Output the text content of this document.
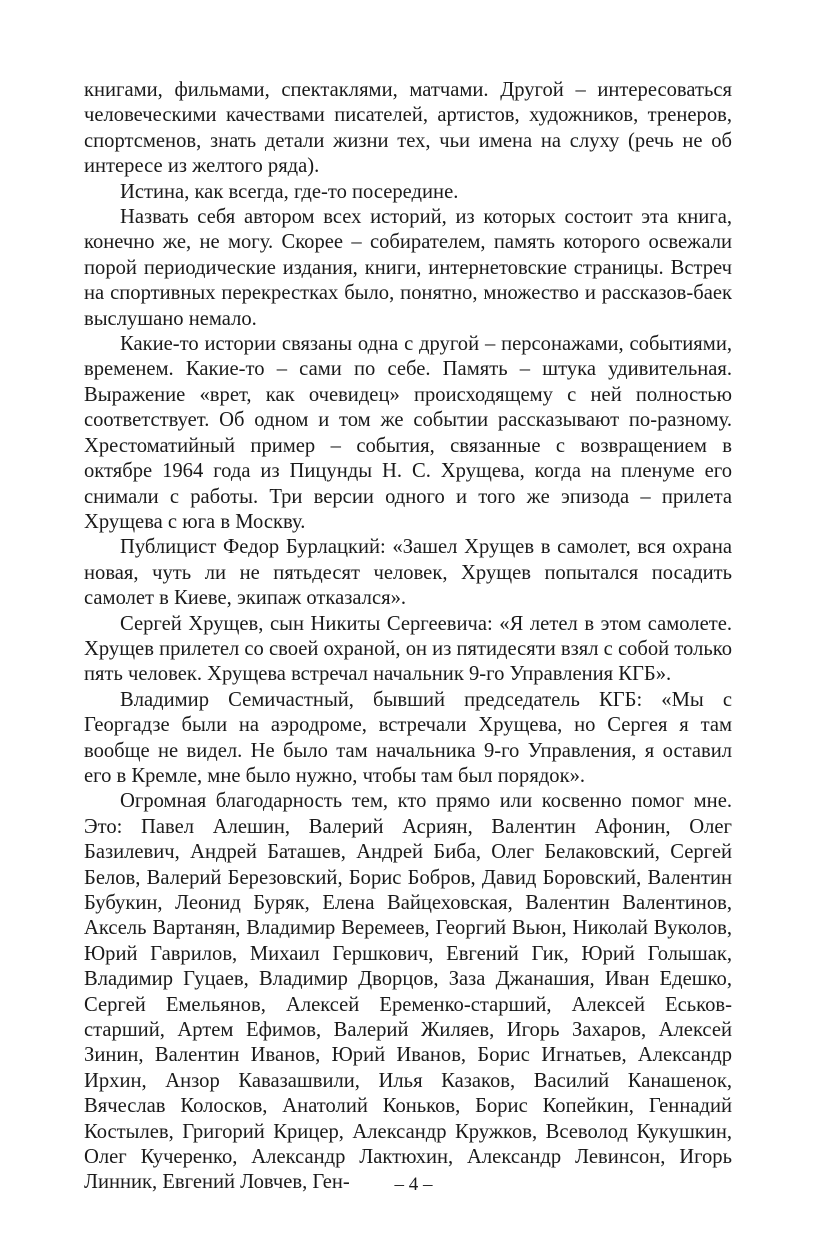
книгами, фильмами, спектаклями, матчами. Другой – интересоваться человеческими качествами писателей, артистов, художников, тренеров, спортсменов, знать детали жизни тех, чьи имена на слуху (речь не об интересе из желтого ряда).

Истина, как всегда, где-то посередине.

Назвать себя автором всех историй, из которых состоит эта книга, конечно же, не могу. Скорее – собирателем, память которого освежали порой периодические издания, книги, интернетовские страницы. Встреч на спортивных перекрестках было, понятно, множество и рассказов-баек выслушано немало.

Какие-то истории связаны одна с другой – персонажами, событиями, временем. Какие-то – сами по себе. Память – штука удивительная. Выражение «врет, как очевидец» происходящему с ней полностью соответствует. Об одном и том же событии рассказывают по-разному. Хрестоматийный пример – события, связанные с возвращением в октябре 1964 года из Пицунды Н. С. Хрущева, когда на пленуме его снимали с работы. Три версии одного и того же эпизода – прилета Хрущева с юга в Москву.

Публицист Федор Бурлацкий: «Зашел Хрущев в самолет, вся охрана новая, чуть ли не пятьдесят человек, Хрущев попытался посадить самолет в Киеве, экипаж отказался».

Сергей Хрущев, сын Никиты Сергеевича: «Я летел в этом самолете. Хрущев прилетел со своей охраной, он из пятидесяти взял с собой только пять человек. Хрущева встречал начальник 9-го Управления КГБ».

Владимир Семичастный, бывший председатель КГБ: «Мы с Георгадзе были на аэродроме, встречали Хрущева, но Сергея я там вообще не видел. Не было там начальника 9-го Управления, я оставил его в Кремле, мне было нужно, чтобы там был порядок».

Огромная благодарность тем, кто прямо или косвенно помог мне. Это: Павел Алешин, Валерий Асриян, Валентин Афонин, Олег Базилевич, Андрей Баташев, Андрей Биба, Олег Белаковский, Сергей Белов, Валерий Березовский, Борис Бобров, Давид Боровский, Валентин Бубукин, Леонид Буряк, Елена Вайцеховская, Валентин Валентинов, Аксель Вартанян, Владимир Веремеев, Георгий Вьюн, Николай Вуколов, Юрий Гаврилов, Михаил Гершкович, Евгений Гик, Юрий Голышак, Владимир Гуцаев, Владимир Дворцов, Заза Джанашия, Иван Едешко, Сергей Емельянов, Алексей Еременко-старший, Алексей Еськов-старший, Артем Ефимов, Валерий Жиляев, Игорь Захаров, Алексей Зинин, Валентин Иванов, Юрий Иванов, Борис Игнатьев, Александр Ирхин, Анзор Кавазашвили, Илья Казаков, Василий Канашенок, Вячеслав Колосков, Анатолий Коньков, Борис Копейкин, Геннадий Костылев, Григорий Крицер, Александр Кружков, Всеволод Кукушкин, Олег Кучеренко, Александр Лактюхин, Александр Левинсон, Игорь Линник, Евгений Ловчев, Ген-	– 4 –
